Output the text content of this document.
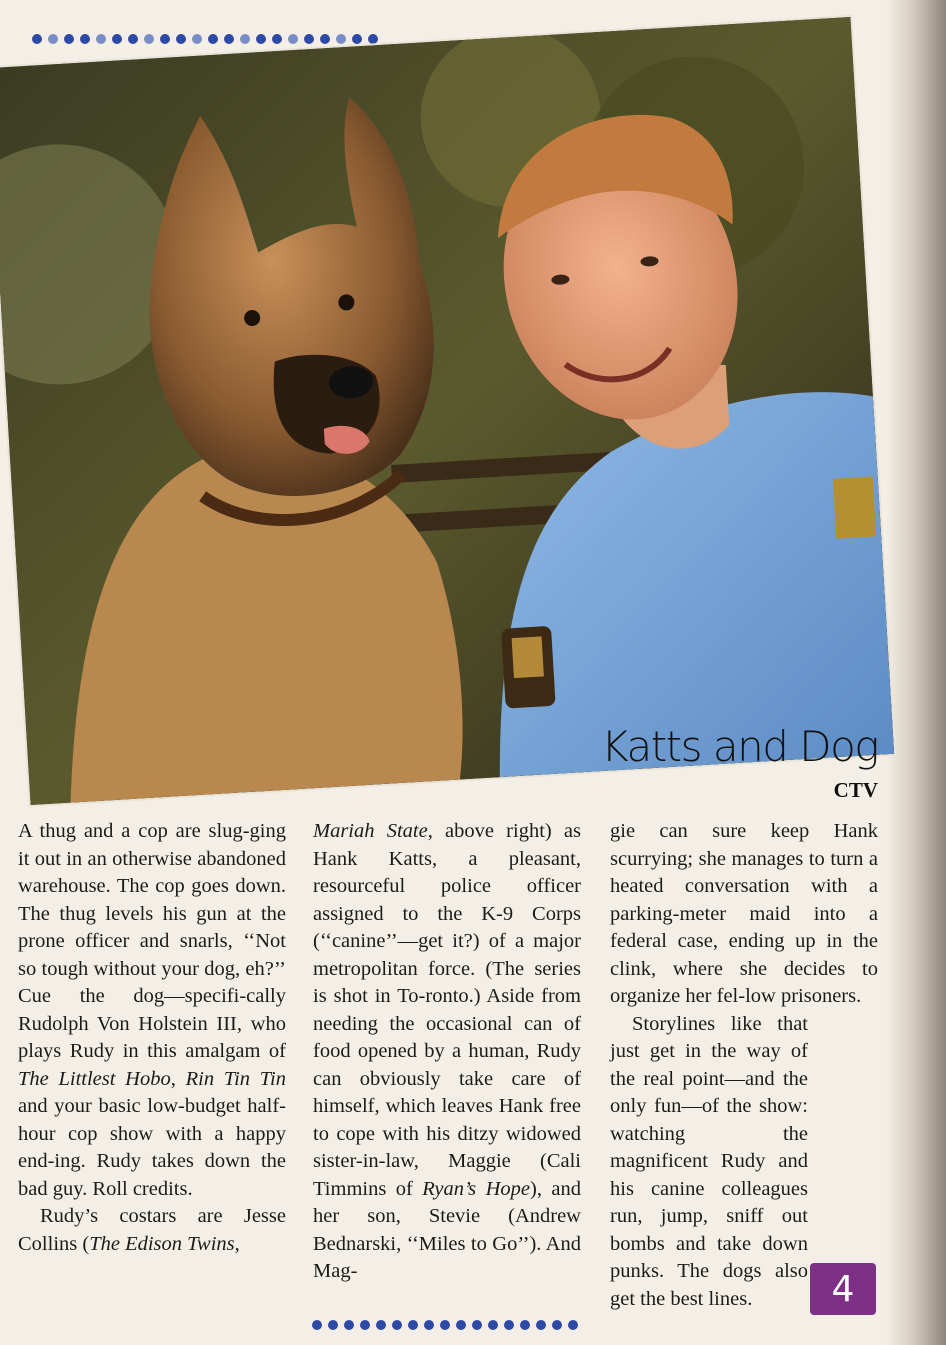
Katts and Dog
CTV

A thug and a cop are slug-ging it out in an otherwise abandoned warehouse. The cop goes down. The thug levels his gun at the prone officer and snarls, ‘‘Not so tough without your dog, eh?’’ Cue the dog—specifi-cally Rudolph Von Holstein III, who plays Rudy in this amalgam of The Littlest Hobo, Rin Tin Tin and your basic low-budget half-hour cop show with a happy end-ing. Rudy takes down the bad guy. Roll credits.

Rudy’s costars are Jesse Collins (The Edison Twins,

Mariah State, above right) as Hank Katts, a pleasant, resourceful police officer assigned to the K-9 Corps (‘‘canine’’—get it?) of a major metropolitan force. (The series is shot in To-ronto.) Aside from needing the occasional can of food opened by a human, Rudy can obviously take care of himself, which leaves Hank free to cope with his ditzy widowed sister-in-law, Maggie (Cali Timmins of Ryan’s Hope), and her son, Stevie (Andrew Bednarski, ‘‘Miles to Go’’). And Mag-

gie can sure keep Hank scurrying; she manages to turn a heated conversation with a parking-meter maid into a federal case, ending up in the clink, where she decides to organize her fel-low prisoners.

Storylines like that just get in the way of the real point—and the only fun—of the show: watching the magnificent Rudy and his canine colleagues run, jump, sniff out bombs and take down punks. The dogs also get the best lines.	4
